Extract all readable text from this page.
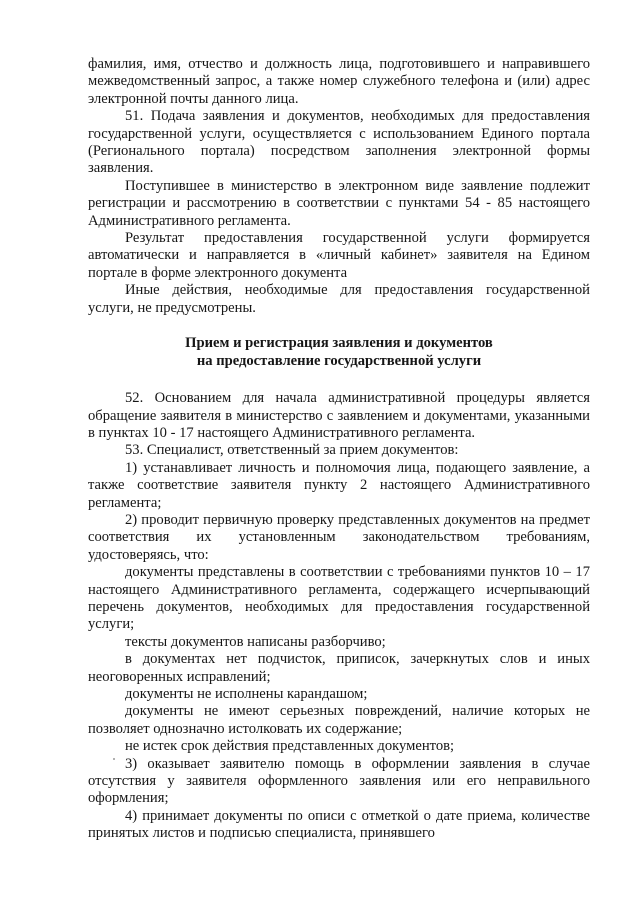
фамилия, имя, отчество и должность лица, подготовившего и направившего межведомственный запрос, а также номер служебного телефона и (или) адрес электронной почты данного лица.

51. Подача заявления и документов, необходимых для предоставления государственной услуги, осуществляется с использованием Единого портала (Регионального портала) посредством заполнения электронной формы заявления.

Поступившее в министерство в электронном виде заявление подлежит регистрации и рассмотрению в соответствии с пунктами 54 - 85 настоящего Административного регламента.

Результат предоставления государственной услуги формируется автоматически и направляется в «личный кабинет» заявителя на Едином портале в форме электронного документа

Иные действия, необходимые для предоставления государственной услуги, не предусмотрены.

Прием и регистрация заявления и документов
на предоставление государственной услуги

52. Основанием для начала административной процедуры является обращение заявителя в министерство с заявлением и документами, указанными в пунктах 10 - 17 настоящего Административного регламента.

53. Специалист, ответственный за прием документов:

1) устанавливает личность и полномочия лица, подающего заявление, а также соответствие заявителя пункту 2 настоящего Административного регламента;

2) проводит первичную проверку представленных документов на предмет соответствия их установленным законодательством требованиям, удостоверяясь, что:

документы представлены в соответствии с требованиями пунктов 10 – 17 настоящего Административного регламента, содержащего исчерпывающий перечень документов, необходимых для предоставления государственной услуги;

тексты документов написаны разборчиво;

в документах нет подчисток, приписок, зачеркнутых слов и иных неоговоренных исправлений;

документы не исполнены карандашом;

документы не имеют серьезных повреждений, наличие которых не позволяет однозначно истолковать их содержание;

не истек срок действия представленных документов;

3) оказывает заявителю помощь в оформлении заявления в случае отсутствия у заявителя оформленного заявления или его неправильного оформления;

4) принимает документы по описи с отметкой о дате приема, количестве принятых листов и подписью специалиста, принявшего
